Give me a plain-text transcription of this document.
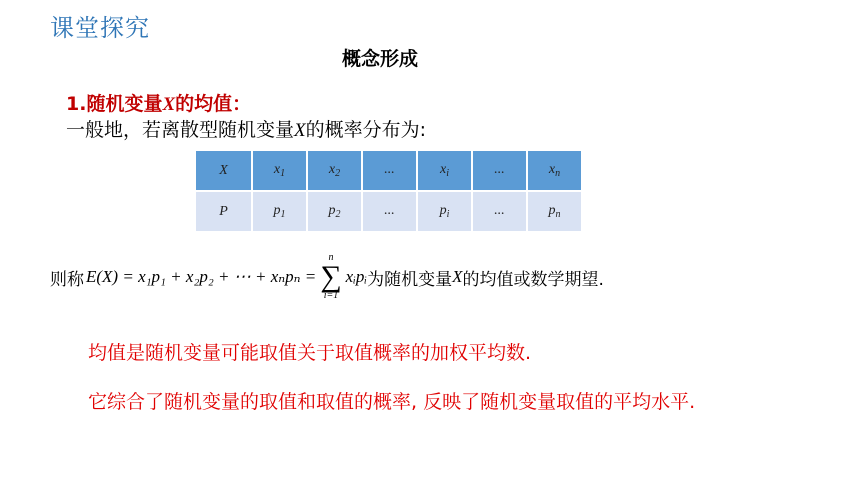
课堂探究
概念形成
1.随机变量X的均值：
一般地，若离散型随机变量X的概率分布为:
X	$x_1$	$x_2$	...	$x_i$	...	$x_n$
P	$p_1$	$p_2$	...	$p_i$	...	$p_n$
则称 E(X) = x₁p₁ + x₂p₂ + ⋯ + xₙpₙ =
n
∑
i=1
xᵢpᵢ 为随机变量 X 的均值或数学期望.
均值是随机变量可能取值关于取值概率的加权平均数.
它综合了随机变量的取值和取值的概率, 反映了随机变量取值的平均水平.
